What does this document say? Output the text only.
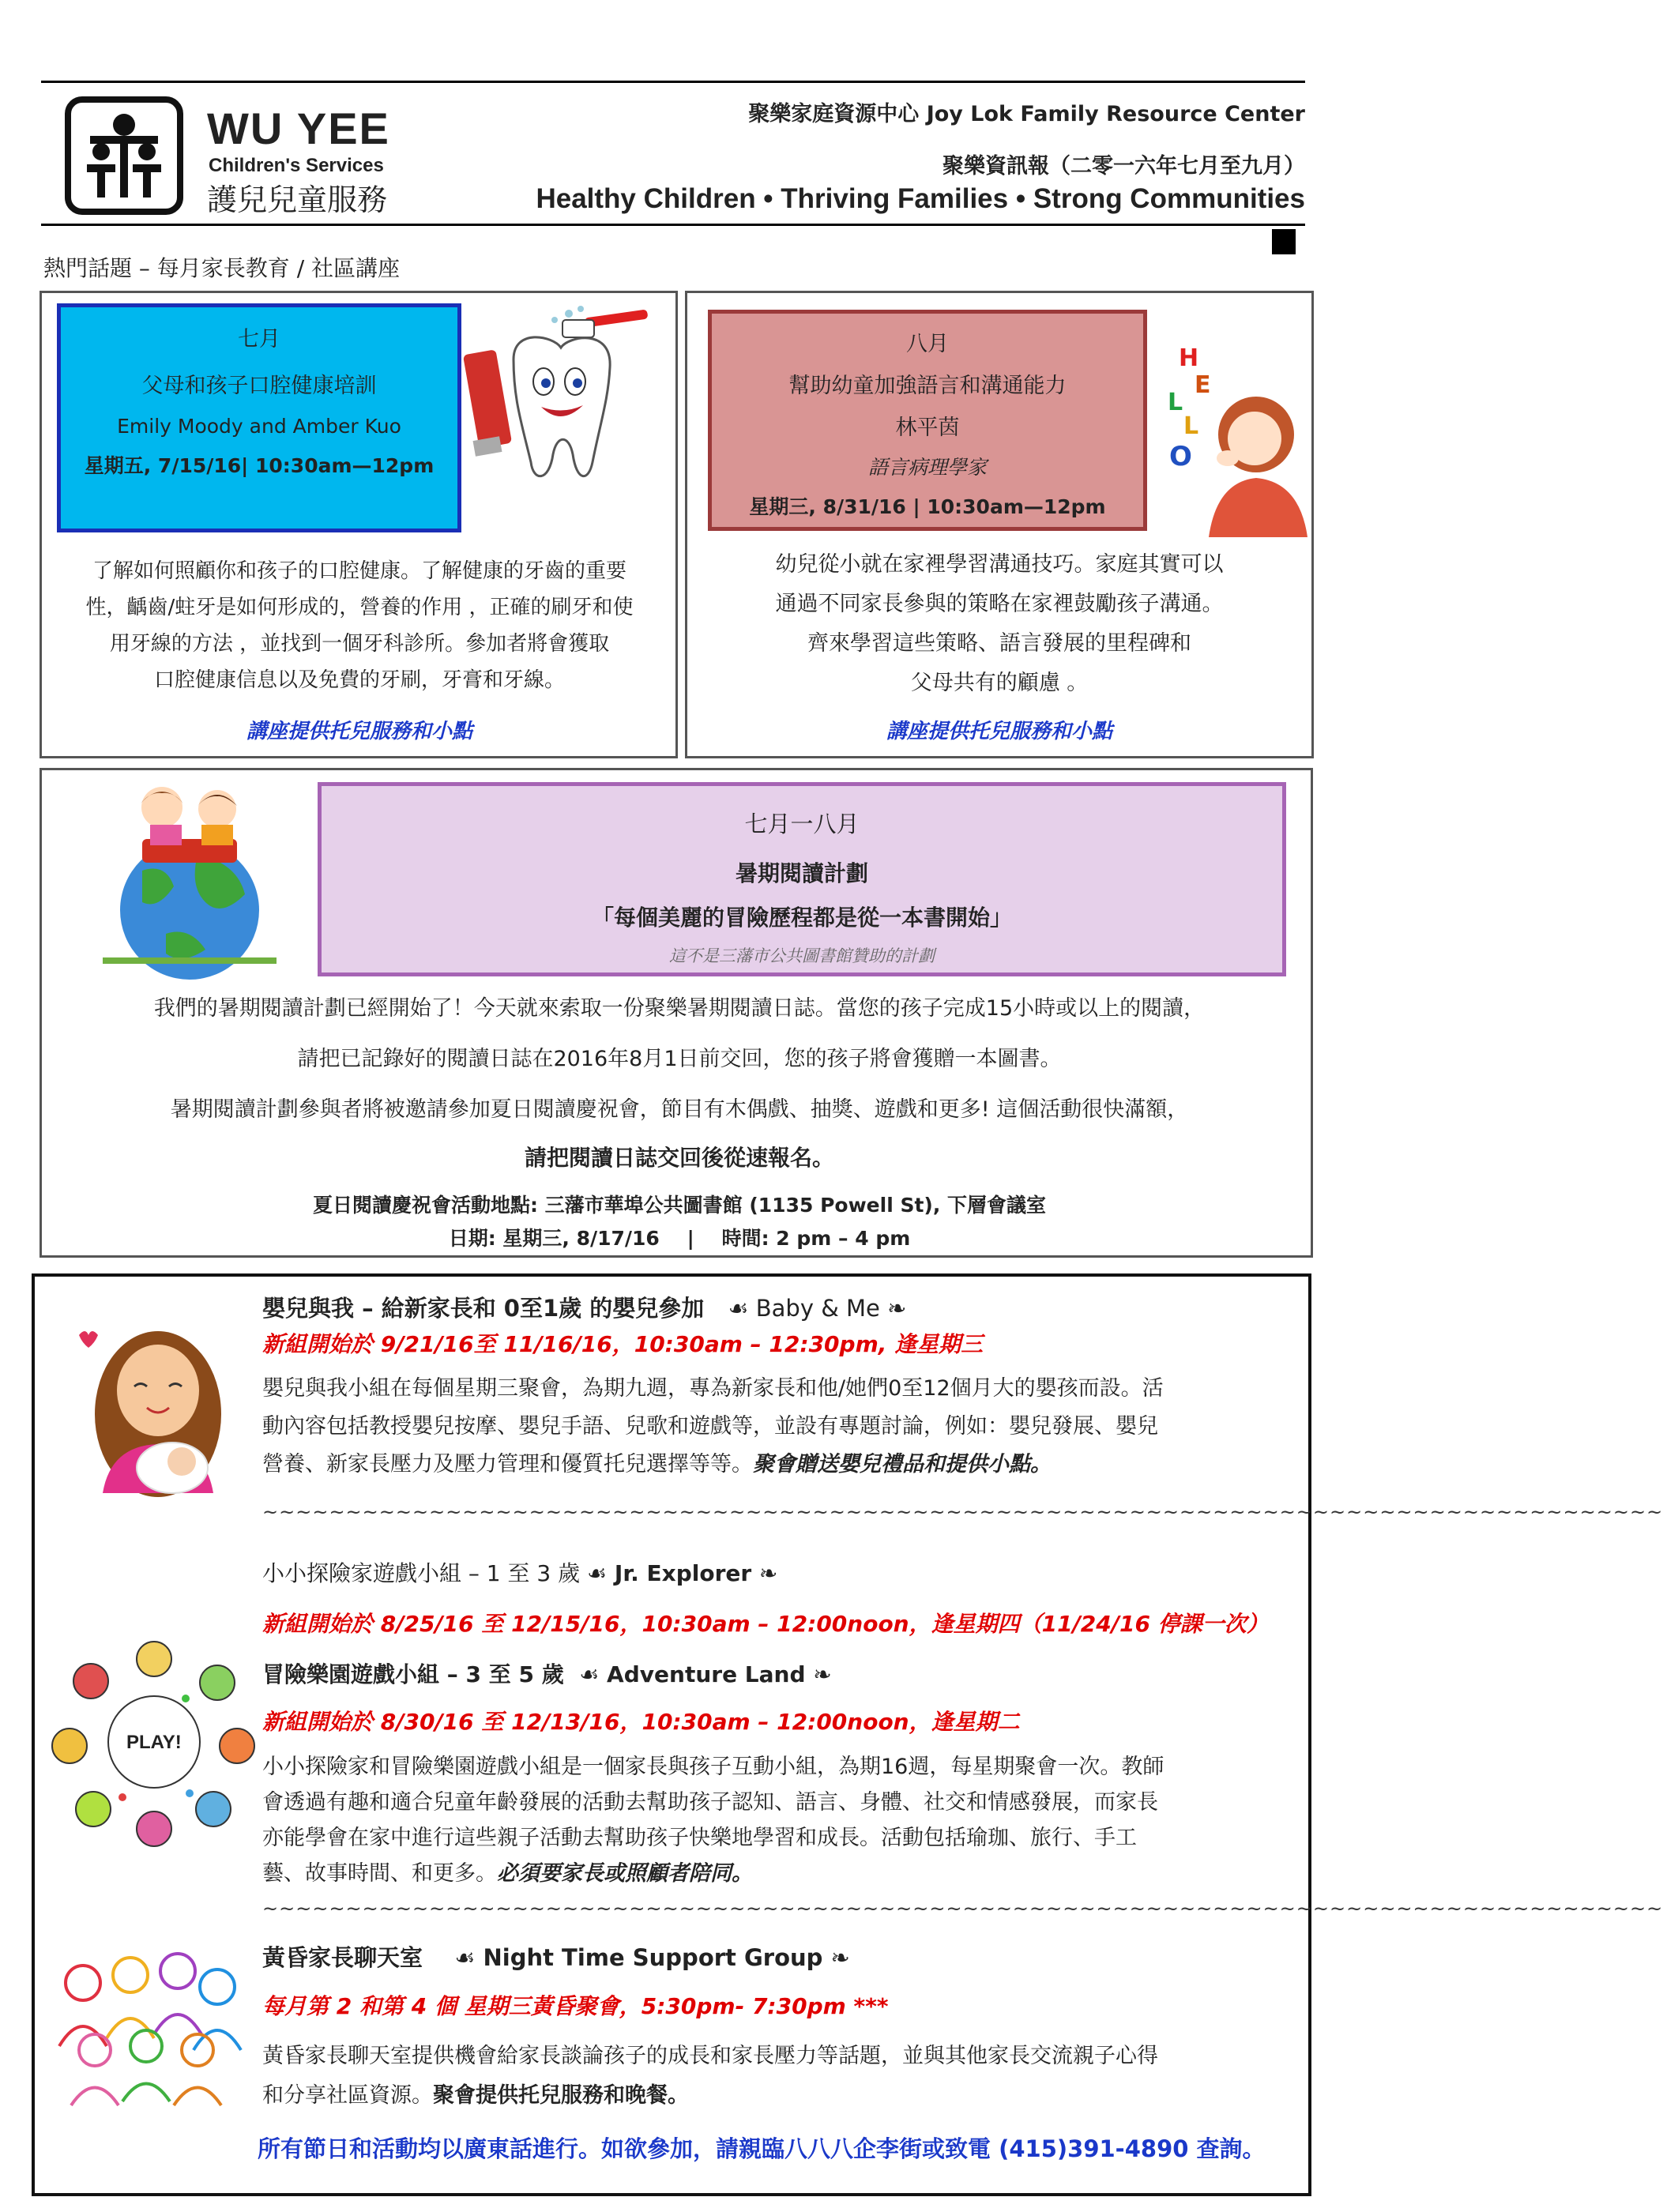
WU YEE
Children's Services
護兒兒童服務
聚樂家庭資源中心 Joy Lok Family Resource Center
聚樂資訊報（二零一六年七月至九月）
Healthy Children • Thriving Families • Strong Communities
熱門話題 – 每月家長教育 / 社區講座
七月
父母和孩子口腔健康培訓
Emily Moody and Amber Kuo
星期五, 7/15/16| 10:30am—12pm
了解如何照顧你和孩子的口腔健康。了解健康的牙齒的重要
性，齲齒/蛀牙是如何形成的，營養的作用 ，正確的刷牙和使
用牙線的方法 ，並找到一個牙科診所。參加者將會獲取
口腔健康信息以及免費的牙刷，牙膏和牙線。
講座提供托兒服務和小點
八月
幫助幼童加強語言和溝通能力
林平茵
語言病理學家
星期三, 8/31/16 | 10:30am—12pm
H
E
L
L
O
幼兒從小就在家裡學習溝通技巧。家庭其實可以
通過不同家長參與的策略在家裡鼓勵孩子溝通。
齊來學習這些策略、語言發展的里程碑和
父母共有的顧慮 。
講座提供托兒服務和小點
七月一八月
暑期閱讀計劃
「每個美麗的冒險歷程都是從一本書開始」
這不是三藩市公共圖書館贊助的計劃
我們的暑期閱讀計劃已經開始了！今天就來索取一份聚樂暑期閱讀日誌。當您的孩子完成15小時或以上的閱讀，
請把已記錄好的閱讀日誌在2016年8月1日前交回，您的孩子將會獲贈一本圖書。
暑期閱讀計劃參與者將被邀請參加夏日閱讀慶祝會，節目有木偶戲、抽獎、遊戲和更多! 這個活動很快滿額，
請把閱讀日誌交回後從速報名。
夏日閱讀慶祝會活動地點: 三藩市華埠公共圖書館 (1135 Powell St), 下層會議室
日期: 星期三, 8/17/16    |    時間: 2 pm – 4 pm
嬰兒與我 – 給新家長和 0至1歲 的嬰兒參加   ☙ Baby & Me ❧
新組開始於 9/21/16至 11/16/16，10:30am – 12:30pm, 逢星期三
嬰兒與我小組在每個星期三聚會，為期九週，專為新家長和他/她們0至12個月大的嬰孩而設。活
動內容包括教授嬰兒按摩、嬰兒手語、兒歌和遊戲等，並設有專題討論，例如：嬰兒發展、嬰兒
營養、新家長壓力及壓力管理和優質托兒選擇等等。聚會贈送嬰兒禮品和提供小點。
~~~~~~~~~~~~~~~~~~~~~~~~~~~~~~~~~~~~~~~~~~~~~~~~~~~~~~~~~~~~~~~~~~~~~~~~~~~~~~~~~~~~
PLAY!
小小探險家遊戲小組 – 1 至 3 歲 ☙ Jr. Explorer ❧
新組開始於 8/25/16 至 12/15/16，10:30am – 12:00noon，逢星期四（11/24/16 停課一次）
冒險樂園遊戲小組 – 3 至 5 歲  ☙ Adventure Land ❧
新組開始於 8/30/16 至 12/13/16，10:30am – 12:00noon，逢星期二
小小探險家和冒險樂園遊戲小組是一個家長與孩子互動小組，為期16週，每星期聚會一次。教師
會透過有趣和適合兒童年齡發展的活動去幫助孩子認知、語言、身體、社交和情感發展，而家長
亦能學會在家中進行這些親子活動去幫助孩子快樂地學習和成長。活動包括瑜珈、旅行、手工
藝、故事時間、和更多。必須要家長或照顧者陪同。
~~~~~~~~~~~~~~~~~~~~~~~~~~~~~~~~~~~~~~~~~~~~~~~~~~~~~~~~~~~~~~~~~~~~~~~~~~~~~~~~~~~~
黃昏家長聊天室    ☙ Night Time Support Group ❧
每月第 2 和第 4 個 星期三黃昏聚會，5:30pm- 7:30pm ***
黃昏家長聊天室提供機會給家長談論孩子的成長和家長壓力等話題，並與其他家長交流親子心得
和分享社區資源。聚會提供托兒服務和晚餐。
所有節日和活動均以廣東話進行。如欲參加，請親臨八八八企李街或致電 (415)391-4890 查詢。
